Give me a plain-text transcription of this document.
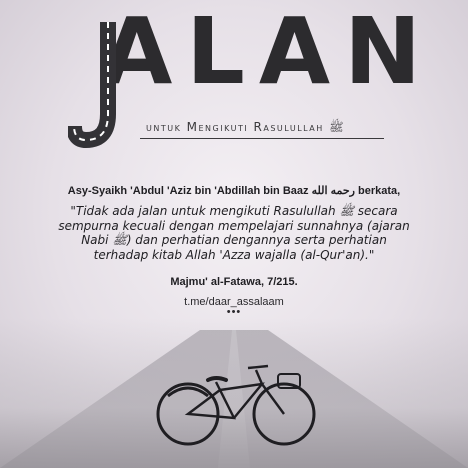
ALAN
untuk Mengikuti Rasulullah ﷺ
Asy-Syaikh 'Abdul 'Aziz bin 'Abdillah bin Baaz رحمه الله berkata,
"Tidak ada jalan untuk mengikuti Rasulullah ﷺ secara
sempurna kecuali dengan mempelajari sunnahnya (ajaran
Nabi ﷺ) dan perhatian dengannya serta perhatian
terhadap kitab Allah 'Azza wajalla (al-Qur'an)."
Majmu' al-Fatawa, 7/215.
t.me/daar_assalaam
•••
